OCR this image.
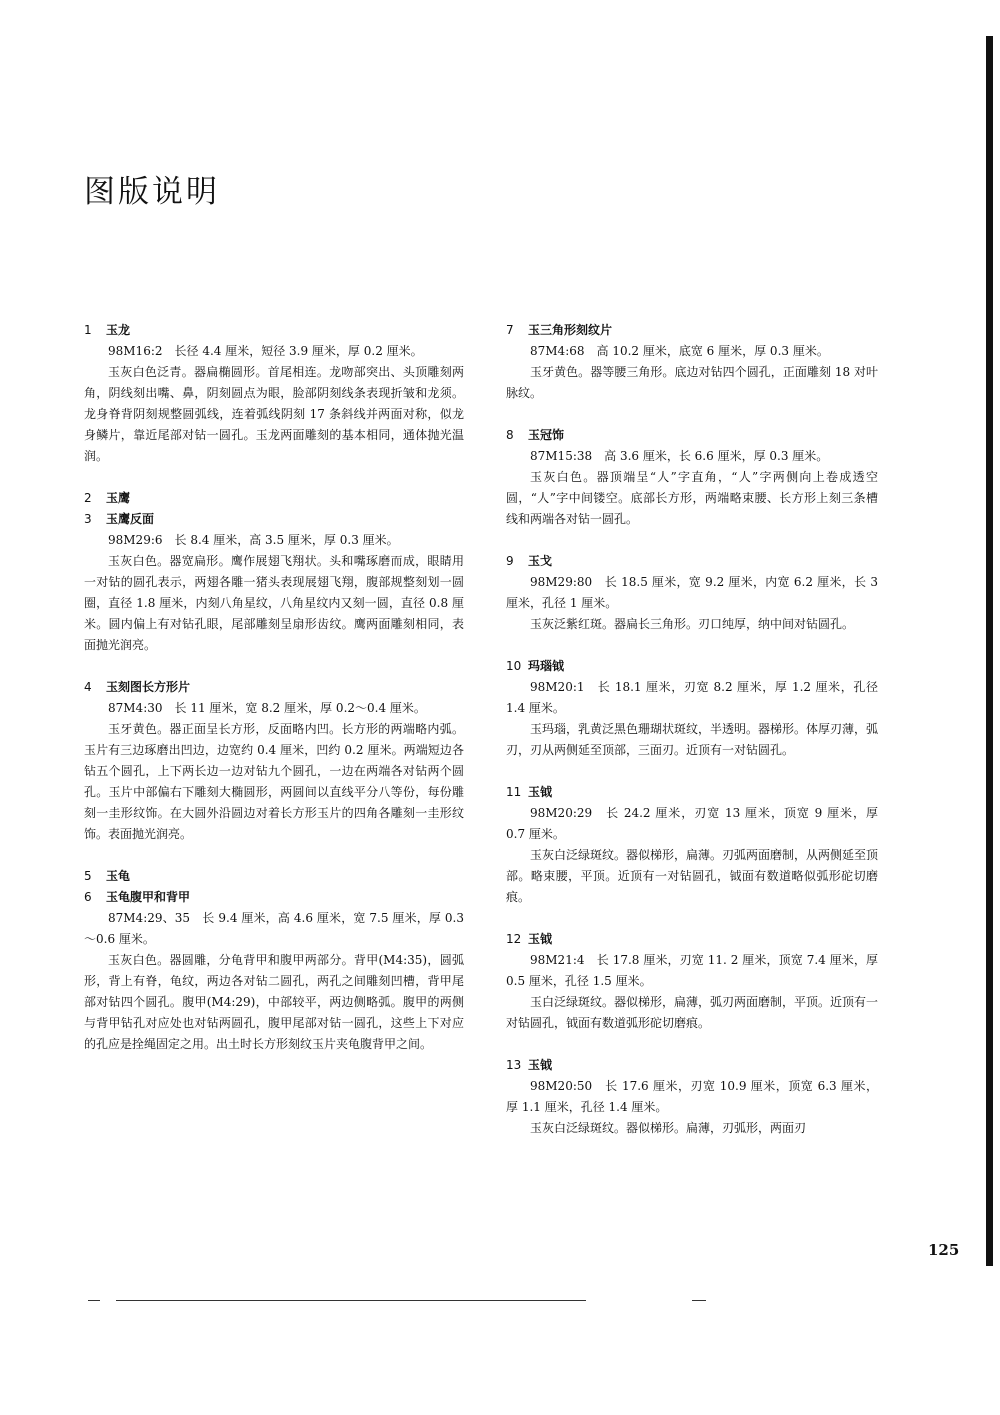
图版说明
1 玉龙

98M16:2　长径 4.4 厘米，短径 3.9 厘米，厚 0.2 厘米。

玉灰白色泛青。器扁椭圆形。首尾相连。龙吻部突出、头顶雕刻两角，阴线刻出嘴、鼻，阴刻圆点为眼，脸部阴刻线条表现折皱和龙须。龙身脊背阴刻规整圆弧线，连着弧线阴刻 17 条斜线并两面对称，似龙身鳞片，靠近尾部对钻一圆孔。玉龙两面雕刻的基本相同，通体抛光温润。

2 玉鹰
3 玉鹰反面

98M29:6　长 8.4 厘米，高 3.5 厘米，厚 0.3 厘米。

玉灰白色。器宽扁形。鹰作展翅飞翔状。头和嘴琢磨而成，眼睛用一对钻的圆孔表示，两翅各雕一猪头表现展翅飞翔，腹部规整刻划一圆圈，直径 1.8 厘米，内刻八角星纹，八角星纹内又刻一圆，直径 0.8 厘米。圆内偏上有对钻孔眼，尾部雕刻呈扇形齿纹。鹰两面雕刻相同，表面抛光润亮。

4 玉刻图长方形片

87M4:30　长 11 厘米，宽 8.2 厘米，厚 0.2～0.4 厘米。

玉牙黄色。器正面呈长方形，反面略内凹。长方形的两端略内弧。玉片有三边琢磨出凹边，边宽约 0.4 厘米，凹约 0.2 厘米。两端短边各钻五个圆孔，上下两长边一边对钻九个圆孔，一边在两端各对钻两个圆孔。玉片中部偏右下雕刻大椭圆形，两圆间以直线平分八等份，每份雕刻一圭形纹饰。在大圆外沿圆边对着长方形玉片的四角各雕刻一圭形纹饰。表面抛光润亮。

5 玉龟
6 玉龟腹甲和背甲

87M4:29、35　长 9.4 厘米，高 4.6 厘米，宽 7.5 厘米，厚 0.3～0.6 厘米。

玉灰白色。器圆雕，分龟背甲和腹甲两部分。背甲(M4:35)，圆弧形，背上有脊，龟纹，两边各对钻二圆孔，两孔之间雕刻凹槽，背甲尾部对钻四个圆孔。腹甲(M4:29)，中部较平，两边侧略弧。腹甲的两侧与背甲钻孔对应处也对钻两圆孔，腹甲尾部对钻一圆孔，这些上下对应的孔应是拴绳固定之用。出土时长方形刻纹玉片夹龟腹背甲之间。

7 玉三角形刻纹片

87M4:68　高 10.2 厘米，底宽 6 厘米，厚 0.3 厘米。

玉牙黄色。器等腰三角形。底边对钻四个圆孔，正面雕刻 18 对叶脉纹。

8 玉冠饰

87M15:38　高 3.6 厘米，长 6.6 厘米，厚 0.3 厘米。

玉灰白色。器顶端呈“人”字直角，“人”字两侧向上卷成透空圆，“人”字中间镂空。底部长方形，两端略束腰、长方形上刻三条槽线和两端各对钻一圆孔。

9 玉戈

98M29:80　长 18.5 厘米，宽 9.2 厘米，内宽 6.2 厘米，长 3 厘米，孔径 1 厘米。

玉灰泛紫红斑。器扁长三角形。刃口纯厚，纳中间对钻圆孔。

10 玛瑙钺

98M20:1　长 18.1 厘米，刃宽 8.2 厘米，厚 1.2 厘米，孔径 1.4 厘米。

玉玛瑙，乳黄泛黑色珊瑚状斑纹，半透明。器梯形。体厚刃薄，弧刃，刃从两侧延至顶部，三面刃。近顶有一对钻圆孔。

11 玉钺

98M20:29　长 24.2 厘米，刃宽 13 厘米，顶宽 9 厘米，厚 0.7 厘米。

玉灰白泛绿斑纹。器似梯形，扁薄。刃弧两面磨制，从两侧延至顶部。略束腰，平顶。近顶有一对钻圆孔，钺面有数道略似弧形砣切磨痕。

12 玉钺

98M21:4　长 17.8 厘米，刃宽 11. 2 厘米，顶宽 7.4 厘米，厚 0.5 厘米，孔径 1.5 厘米。

玉白泛绿斑纹。器似梯形，扁薄，弧刃两面磨制，平顶。近顶有一对钻圆孔，钺面有数道弧形砣切磨痕。

13 玉钺

98M20:50　长 17.6 厘米，刃宽 10.9 厘米，顶宽 6.3 厘米，厚 1.1 厘米，孔径 1.4 厘米。

玉灰白泛绿斑纹。器似梯形。扁薄，刃弧形，两面刃

125
